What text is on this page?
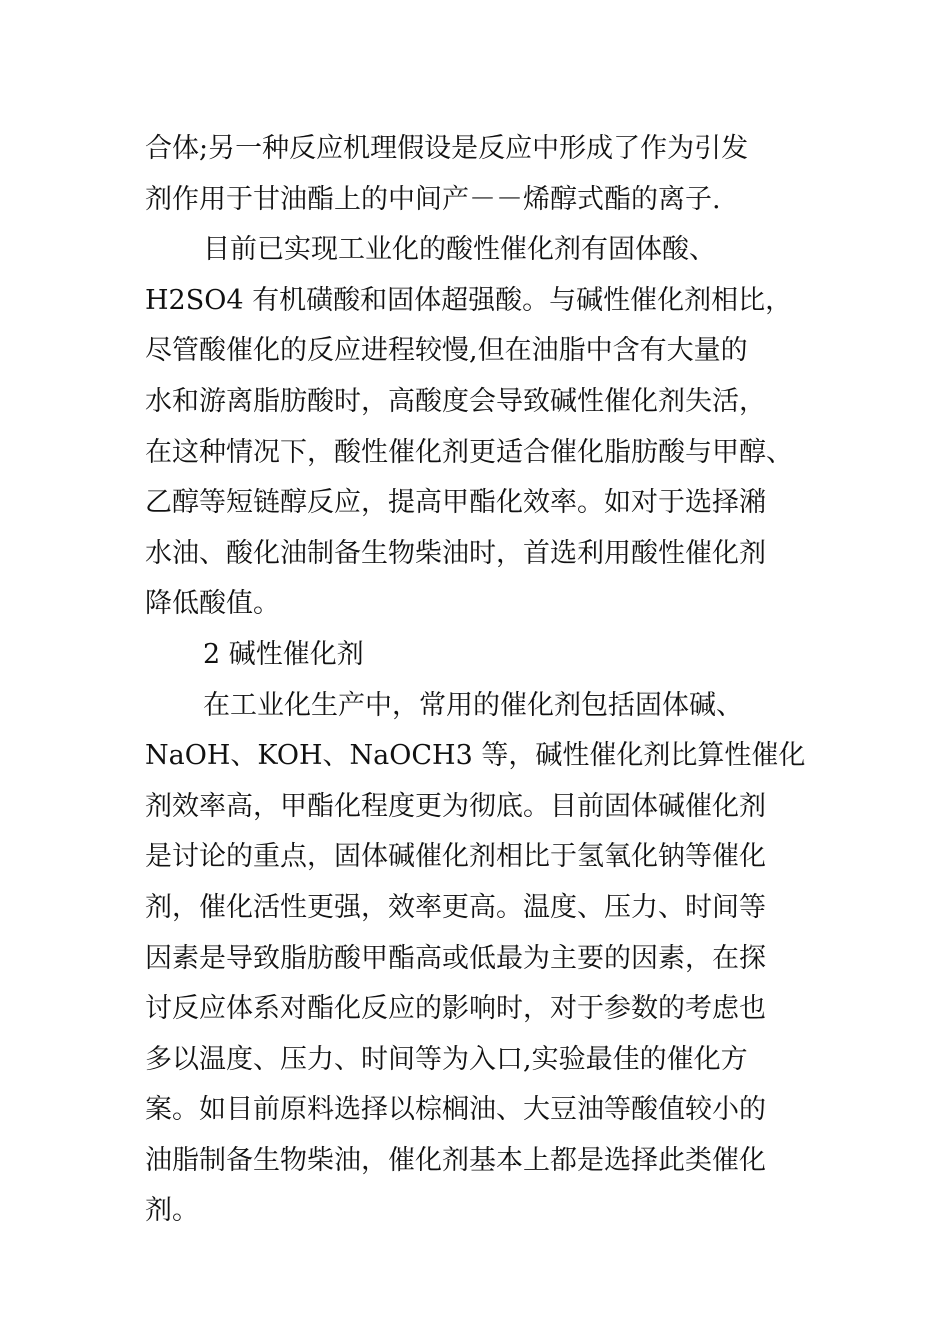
合体;另一种反应机理假设是反应中形成了作为引发
剂作用于甘油酯上的中间产－－烯醇式酯的离子.
目前已实现工业化的酸性催化剂有固体酸、
H2SO4 有机磺酸和固体超强酸。与碱性催化剂相比，
尽管酸催化的反应进程较慢,但在油脂中含有大量的
水和游离脂肪酸时，高酸度会导致碱性催化剂失活，
在这种情况下，酸性催化剂更适合催化脂肪酸与甲醇、
乙醇等短链醇反应，提高甲酯化效率。如对于选择潲
水油、酸化油制备生物柴油时，首选利用酸性催化剂
降低酸值。
2 碱性催化剂
在工业化生产中，常用的催化剂包括固体碱、
NaOH、KOH、NaOCH3 等，碱性催化剂比算性催化
剂效率高，甲酯化程度更为彻底。目前固体碱催化剂
是讨论的重点，固体碱催化剂相比于氢氧化钠等催化
剂，催化活性更强，效率更高。温度、压力、时间等
因素是导致脂肪酸甲酯高或低最为主要的因素，在探
讨反应体系对酯化反应的影响时，对于参数的考虑也
多以温度、压力、时间等为入口,实验最佳的催化方
案。如目前原料选择以棕榈油、大豆油等酸值较小的
油脂制备生物柴油，催化剂基本上都是选择此类催化
剂。
